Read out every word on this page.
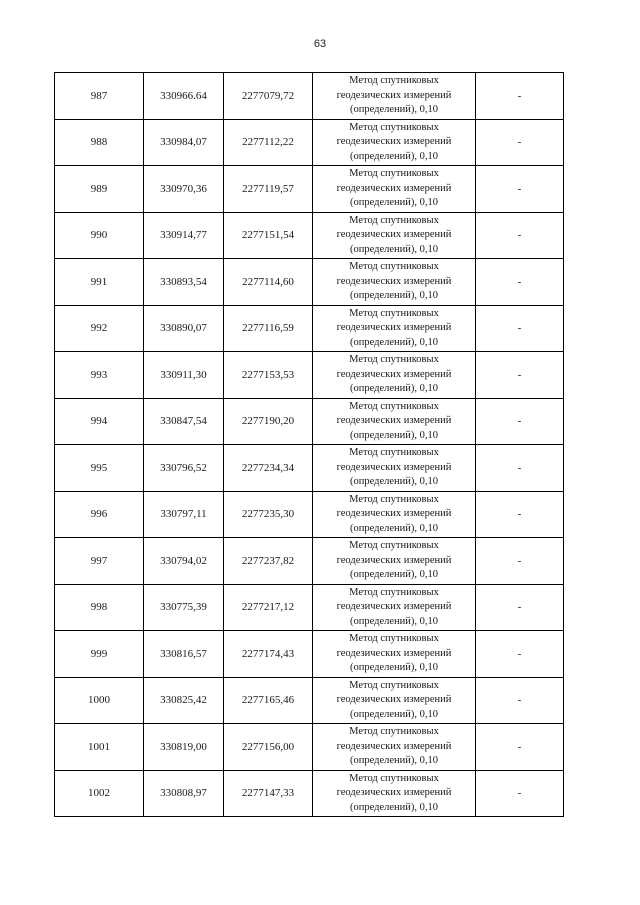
63
987	330966.64	2277079,72	Метод спутниковых
геодезических измерений
(определений), 0,10	-
988	330984,07	2277112,22	Метод спутниковых
геодезических измерений
(определений), 0,10	-
989	330970,36	2277119,57	Метод спутниковых
геодезических измерений
(определений), 0,10	-
990	330914,77	2277151,54	Метод спутниковых
геодезических измерений
(определений), 0,10	-
991	330893,54	2277114,60	Метод спутниковых
геодезических измерений
(определений), 0,10	-
992	330890,07	2277116,59	Метод спутниковых
геодезических измерений
(определений), 0,10	-
993	330911,30	2277153,53	Метод спутниковых
геодезических измерений
(определений), 0,10	-
994	330847,54	2277190,20	Метод спутниковых
геодезических измерений
(определений), 0,10	-
995	330796,52	2277234,34	Метод спутниковых
геодезических измерений
(определений), 0,10	-
996	330797,11	2277235,30	Метод спутниковых
геодезических измерений
(определений), 0,10	-
997	330794,02	2277237,82	Метод спутниковых
геодезических измерений
(определений), 0,10	-
998	330775,39	2277217,12	Метод спутниковых
геодезических измерений
(определений), 0,10	-
999	330816,57	2277174,43	Метод спутниковых
геодезических измерений
(определений), 0,10	-
1000	330825,42	2277165,46	Метод спутниковых
геодезических измерений
(определений), 0,10	-
1001	330819,00	2277156,00	Метод спутниковых
геодезических измерений
(определений), 0,10	-
1002	330808,97	2277147,33	Метод спутниковых
геодезических измерений
(определений), 0,10	-
